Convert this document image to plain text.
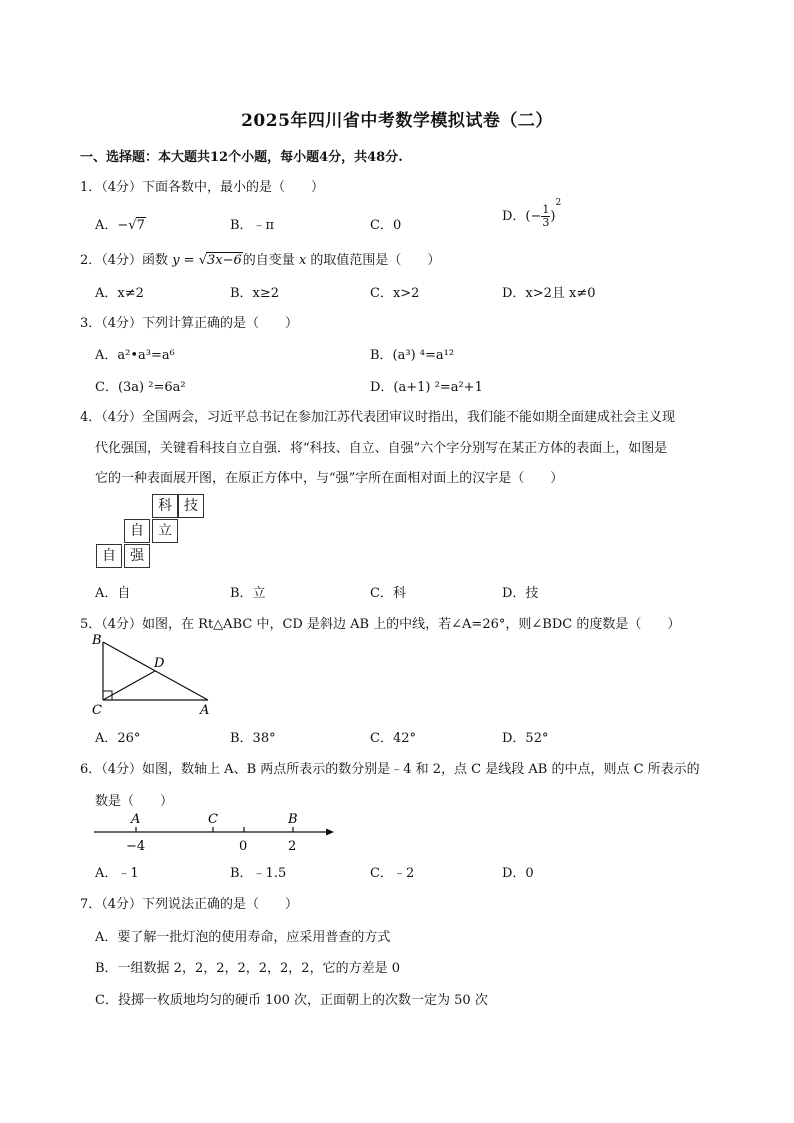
2025年四川省中考数学模拟试卷（二）
一、选择题：本大题共12个小题，每小题4分，共48分.
1．（4分）下面各数中，最小的是（　　）
A．−√7	B．﹣π	C．0
D．(− $\frac{1}{3} )^2$
2．（4分）函数 y = √3x−6的自变量 x 的取值范围是（　　）
A．x≠2	B．x≥2	C．x>2	D．x>2且 x≠0
3．（4分）下列计算正确的是（　　）
A．a²•a³=a⁶	B．(a³) ⁴=a¹²
C．(3a) ²=6a²	D．(a+1) ²=a²+1
4．（4分）全国两会，习近平总书记在参加江苏代表团审议时指出，我们能不能如期全面建成社会主义现
代化强国，关键看科技自立自强．将“科技、自立、自强”六个字分别写在某正方体的表面上，如图是
它的一种表面展开图，在原正方体中，与“强”字所在面相对面上的汉字是（　　）
科 技
自	立
自	强
A．自	B．立	C．科	D．技
5．（4分）如图，在 Rt△ABC 中，CD 是斜边 AB 上的中线，若∠A=26°，则∠BDC 的度数是（　　）
B
D
C	A
A．26°	B．38°	C．42°	D．52°
6．（4分）如图，数轴上 A、B 两点所表示的数分别是﹣4 和 2，点 C 是线段 AB 的中点，则点 C 所表示的
数是（　　）
A	C	B
−4	0	2
A．﹣1	B．﹣1.5	C．﹣2	D．0
7．（4分）下列说法正确的是（　　）
A．要了解一批灯泡的使用寿命，应采用普查的方式
B．一组数据 2，2，2，2，2，2，2，它的方差是 0
C．投掷一枚质地均匀的硬币 100 次，正面朝上的次数一定为 50 次
